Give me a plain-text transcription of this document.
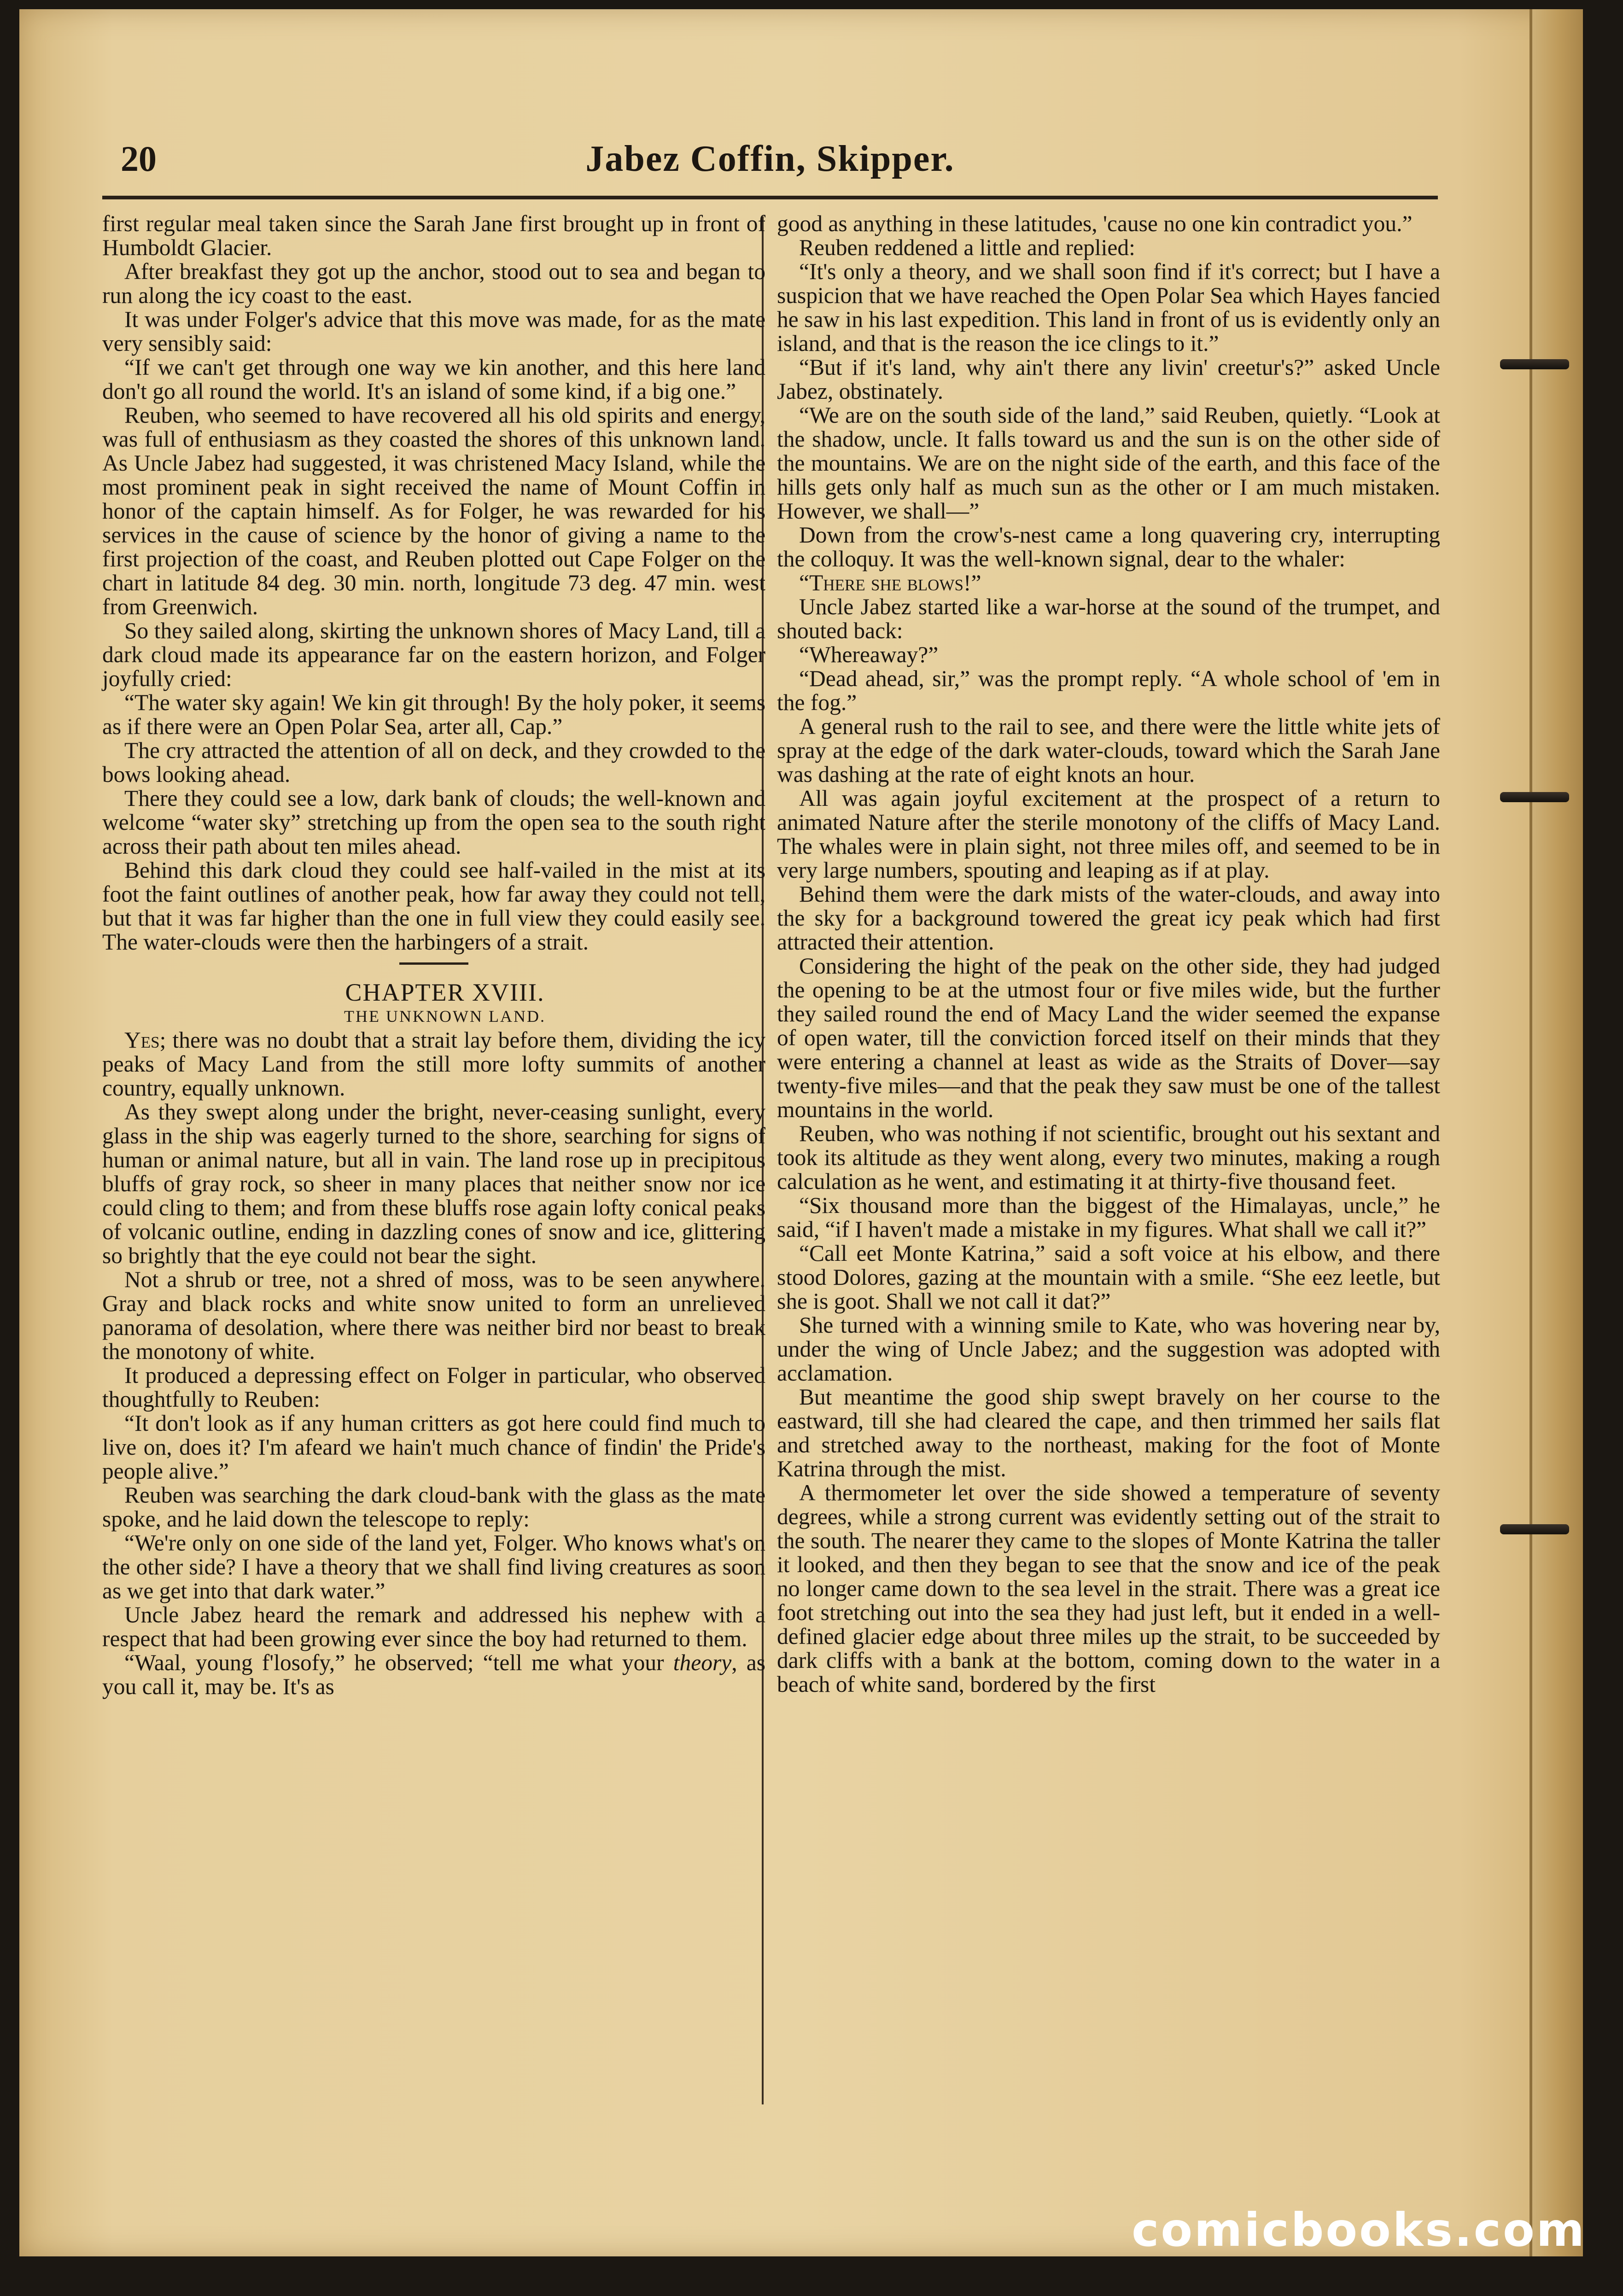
20	Jabez Coffin, Skipper.

first regular meal taken since the Sarah Jane first brought up in front of Humboldt Glacier.

After breakfast they got up the anchor, stood out to sea and began to run along the icy coast to the east.

It was under Folger's advice that this move was made, for as the mate very sensibly said:

“If we can't get through one way we kin another, and this here land don't go all round the world. It's an island of some kind, if a big one.”

Reuben, who seemed to have recovered all his old spirits and energy, was full of enthusiasm as they coasted the shores of this unknown land. As Uncle Jabez had suggested, it was christened Macy Island, while the most prominent peak in sight received the name of Mount Coffin in honor of the captain himself. As for Folger, he was rewarded for his services in the cause of science by the honor of giving a name to the first projection of the coast, and Reuben plotted out Cape Folger on the chart in latitude 84 deg. 30 min. north, longitude 73 deg. 47 min. west from Greenwich.

So they sailed along, skirting the unknown shores of Macy Land, till a dark cloud made its appearance far on the eastern horizon, and Folger joyfully cried:

“The water sky again! We kin git through! By the holy poker, it seems as if there were an Open Polar Sea, arter all, Cap.”

The cry attracted the attention of all on deck, and they crowded to the bows looking ahead.

There they could see a low, dark bank of clouds; the well-known and welcome “water sky” stretching up from the open sea to the south right across their path about ten miles ahead.

Behind this dark cloud they could see half-vailed in the mist at its foot the faint outlines of another peak, how far away they could not tell, but that it was far higher than the one in full view they could easily see. The water-clouds were then the harbingers of a strait.

CHAPTER XVIII.

THE UNKNOWN LAND.

Yes; there was no doubt that a strait lay before them, dividing the icy peaks of Macy Land from the still more lofty summits of another country, equally unknown.

As they swept along under the bright, never-ceasing sunlight, every glass in the ship was eagerly turned to the shore, searching for signs of human or animal nature, but all in vain. The land rose up in precipitous bluffs of gray rock, so sheer in many places that neither snow nor ice could cling to them; and from these bluffs rose again lofty conical peaks of volcanic outline, ending in dazzling cones of snow and ice, glittering so brightly that the eye could not bear the sight.

Not a shrub or tree, not a shred of moss, was to be seen anywhere. Gray and black rocks and white snow united to form an unrelieved panorama of desolation, where there was neither bird nor beast to break the monotony of white.

It produced a depressing effect on Folger in particular, who observed thoughtfully to Reuben:

“It don't look as if any human critters as got here could find much to live on, does it? I'm afeard we hain't much chance of findin' the Pride's people alive.”

Reuben was searching the dark cloud-bank with the glass as the mate spoke, and he laid down the telescope to reply:

“We're only on one side of the land yet, Folger. Who knows what's on the other side? I have a theory that we shall find living creatures as soon as we get into that dark water.”

Uncle Jabez heard the remark and addressed his nephew with a respect that had been growing ever since the boy had returned to them.

“Waal, young f'losofy,” he observed; “tell me what your theory, as you call it, may be. It's as

good as anything in these latitudes, 'cause no one kin contradict you.”

Reuben reddened a little and replied:

“It's only a theory, and we shall soon find if it's correct; but I have a suspicion that we have reached the Open Polar Sea which Hayes fancied he saw in his last expedition. This land in front of us is evidently only an island, and that is the reason the ice clings to it.”

“But if it's land, why ain't there any livin' creetur's?” asked Uncle Jabez, obstinately.

“We are on the south side of the land,” said Reuben, quietly. “Look at the shadow, uncle. It falls toward us and the sun is on the other side of the mountains. We are on the night side of the earth, and this face of the hills gets only half as much sun as the other or I am much mistaken. However, we shall—”

Down from the crow's-nest came a long quavering cry, interrupting the colloquy. It was the well-known signal, dear to the whaler:

“There she blows!”

Uncle Jabez started like a war-horse at the sound of the trumpet, and shouted back:

“Whereaway?”

“Dead ahead, sir,” was the prompt reply. “A whole school of 'em in the fog.”

A general rush to the rail to see, and there were the little white jets of spray at the edge of the dark water-clouds, toward which the Sarah Jane was dashing at the rate of eight knots an hour.

All was again joyful excitement at the prospect of a return to animated Nature after the sterile monotony of the cliffs of Macy Land. The whales were in plain sight, not three miles off, and seemed to be in very large numbers, spouting and leaping as if at play.

Behind them were the dark mists of the water-clouds, and away into the sky for a background towered the great icy peak which had first attracted their attention.

Considering the hight of the peak on the other side, they had judged the opening to be at the utmost four or five miles wide, but the further they sailed round the end of Macy Land the wider seemed the expanse of open water, till the conviction forced itself on their minds that they were entering a channel at least as wide as the Straits of Dover—say twenty-five miles—and that the peak they saw must be one of the tallest mountains in the world.

Reuben, who was nothing if not scientific, brought out his sextant and took its altitude as they went along, every two minutes, making a rough calculation as he went, and estimating it at thirty-five thousand feet.

“Six thousand more than the biggest of the Himalayas, uncle,” he said, “if I haven't made a mistake in my figures. What shall we call it?”

“Call eet Monte Katrina,” said a soft voice at his elbow, and there stood Dolores, gazing at the mountain with a smile. “She eez leetle, but she is goot. Shall we not call it dat?”

She turned with a winning smile to Kate, who was hovering near by, under the wing of Uncle Jabez; and the suggestion was adopted with acclamation.

But meantime the good ship swept bravely on her course to the eastward, till she had cleared the cape, and then trimmed her sails flat and stretched away to the northeast, making for the foot of Monte Katrina through the mist.

A thermometer let over the side showed a temperature of seventy degrees, while a strong current was evidently setting out of the strait to the south. The nearer they came to the slopes of Monte Katrina the taller it looked, and then they began to see that the snow and ice of the peak no longer came down to the sea level in the strait. There was a great ice foot stretching out into the sea they had just left, but it ended in a well-defined glacier edge about three miles up the strait, to be succeeded by dark cliffs with a bank at the bottom, coming down to the water in a beach of white sand, bordered by the first

comicbooks.com
